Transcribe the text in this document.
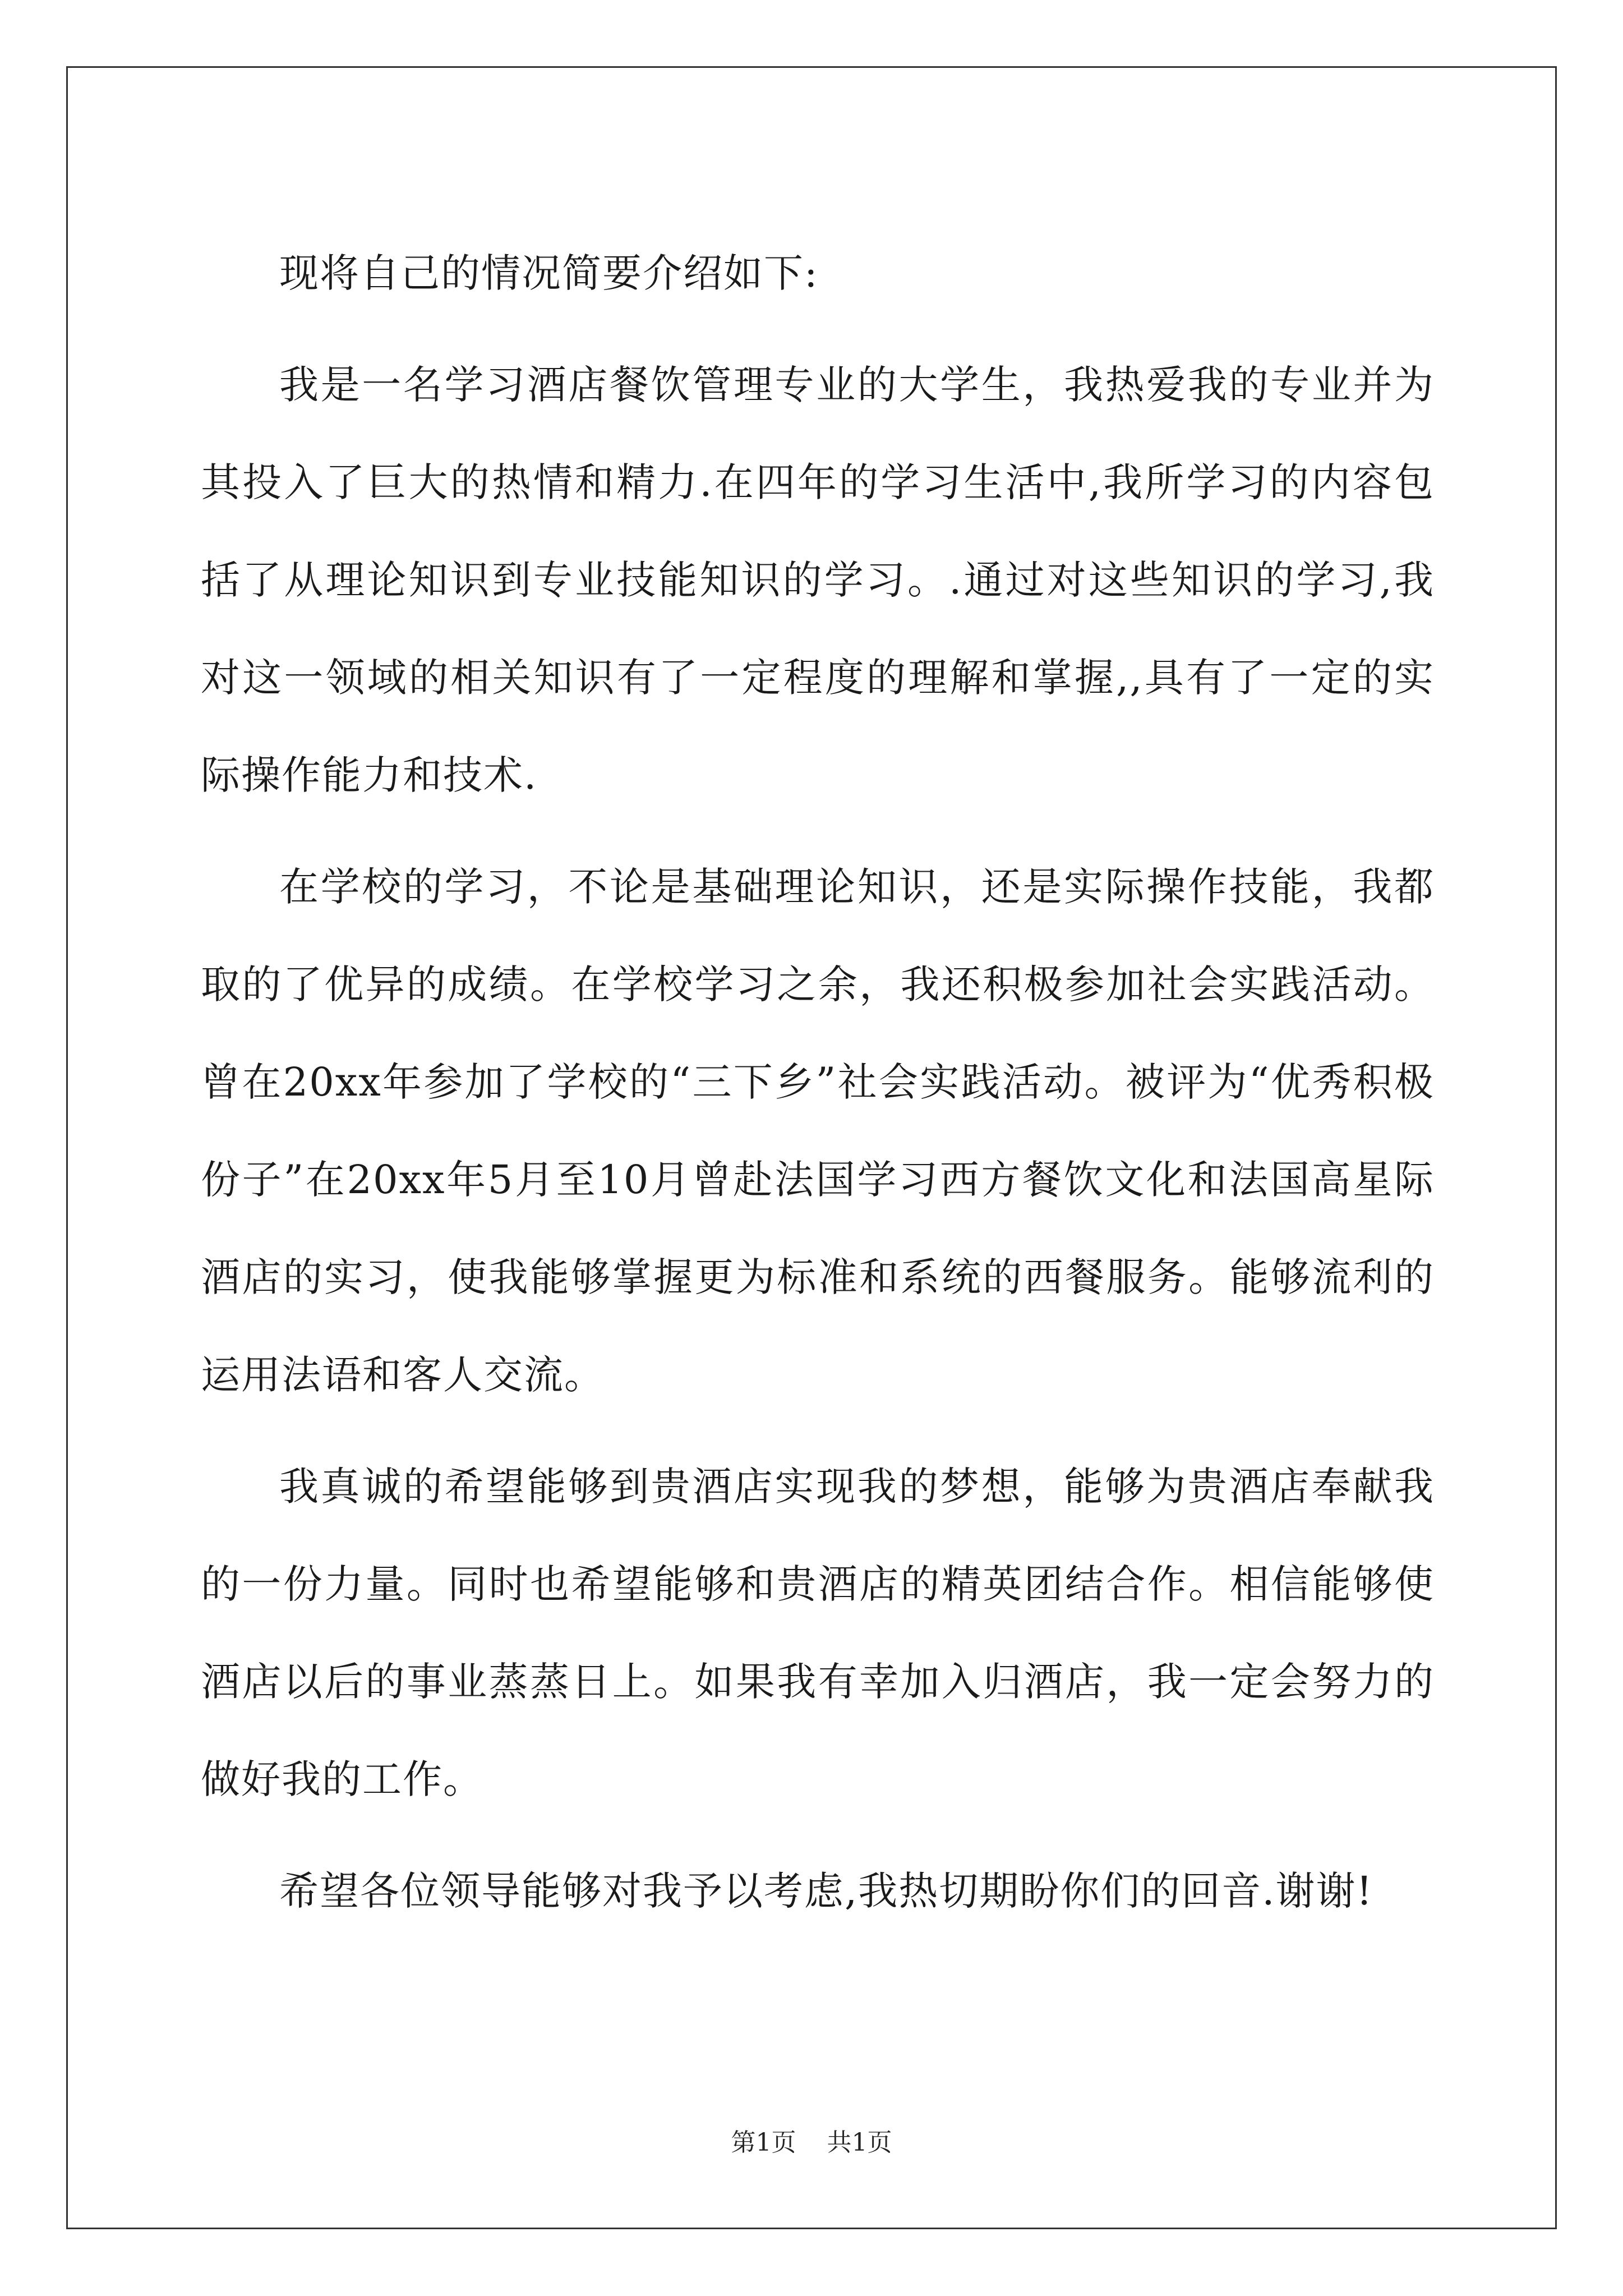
现将自己的情况简要介绍如下:

我是一名学习酒店餐饮管理专业的大学生，我热爱我的专业并为其投入了巨大的热情和精力.在四年的学习生活中,我所学习的内容包括了从理论知识到专业技能知识的学习。.通过对这些知识的学习,我对这一领域的相关知识有了一定程度的理解和掌握,,具有了一定的实际操作能力和技术.

在学校的学习，不论是基础理论知识，还是实际操作技能，我都取的了优异的成绩。在学校学习之余，我还积极参加社会实践活动。曾在20xx年参加了学校的“三下乡”社会实践活动。被评为“优秀积极份子”在20xx年5月至10月曾赴法国学习西方餐饮文化和法国高星际酒店的实习，使我能够掌握更为标准和系统的西餐服务。能够流利的运用法语和客人交流。

我真诚的希望能够到贵酒店实现我的梦想，能够为贵酒店奉献我的一份力量。同时也希望能够和贵酒店的精英团结合作。相信能够使酒店以后的事业蒸蒸日上。如果我有幸加入归酒店，我一定会努力的做好我的工作。

希望各位领导能够对我予以考虑,我热切期盼你们的回音.谢谢!

第1页 共1页
